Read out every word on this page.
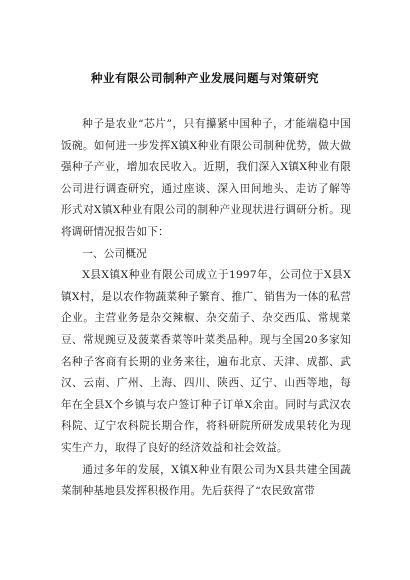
种业有限公司制种产业发展问题与对策研究

种子是农业“芯片”，只有攥紧中国种子，才能端稳中国饭碗。如何进一步发挥X镇X种业有限公司制种优势，做大做强种子产业，增加农民收入。近期，我们深入X镇X种业有限公司进行调查研究，通过座谈、深入田间地头、走访了解等形式对X镇X种业有限公司的制种产业现状进行调研分析。现将调研情况报告如下：

一、公司概况

X县X镇X种业有限公司成立于1997年，公司位于X县X镇X村，是以农作物蔬菜种子繁育、推广、销售为一体的私营企业。主营业务是杂交辣椒、杂交茄子、杂交西瓜、常规菜豆、常规豌豆及菠菜香菜等叶菜类品种。现与全国20多家知名种子客商有长期的业务来往，遍布北京、天津、成都、武汉、云南、广州、上海、四川、陕西、辽宁、山西等地，每年在全县X个乡镇与农户签订种子订单X余亩。同时与武汉农科院、辽宁农科院长期合作，将科研院所研发成果转化为现实生产力，取得了良好的经济效益和社会效益。

通过多年的发展，X镇X种业有限公司为X县共建全国蔬菜制种基地县发挥积极作用。先后获得了“农民致富带
